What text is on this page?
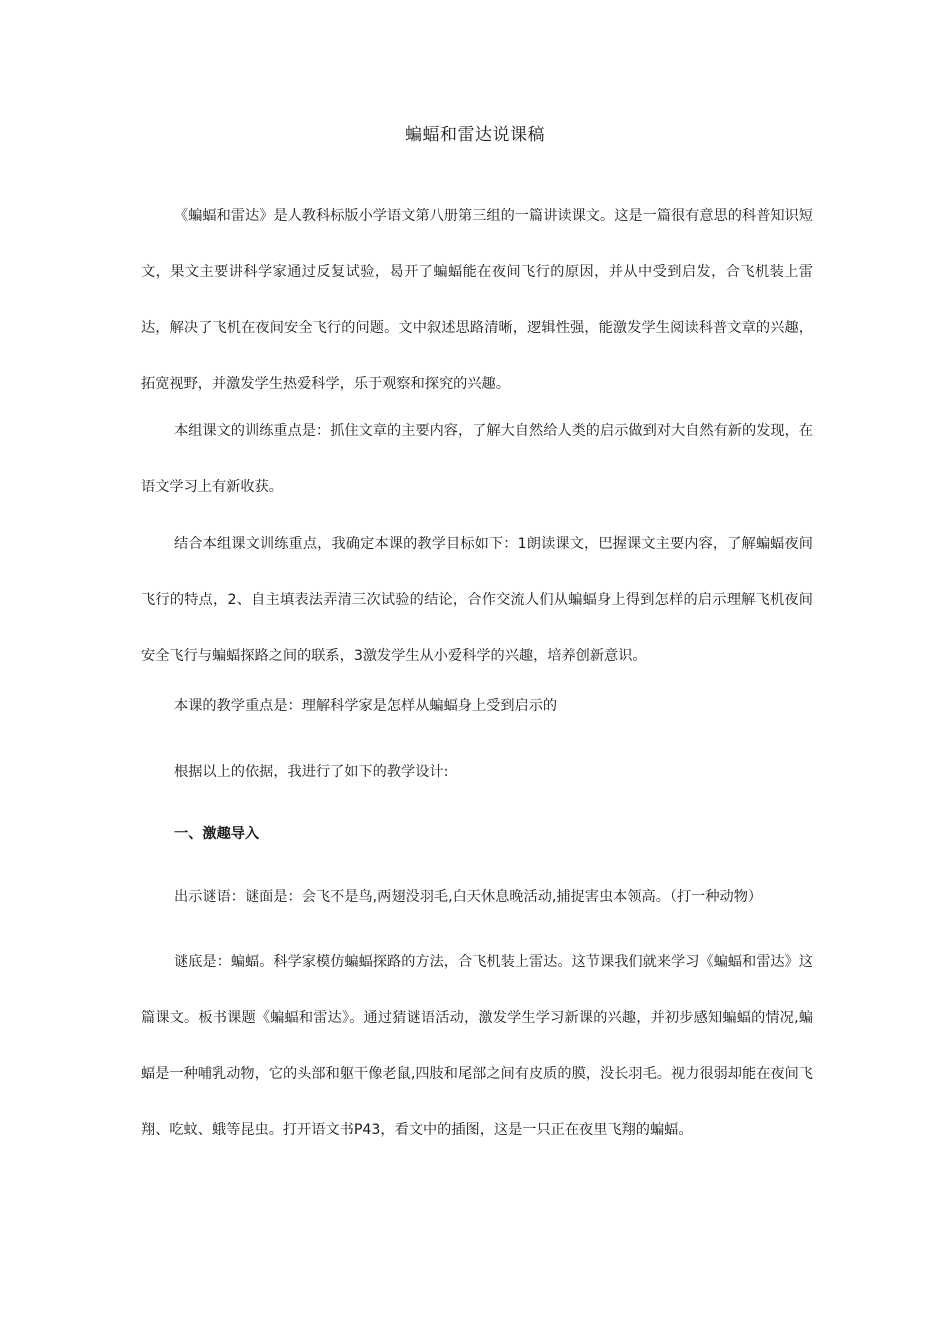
蝙蝠和雷达说课稿

《蝙蝠和雷达》是人教科标版小学语文第八册第三组的一篇讲读课文。这是一篇很有意思的科普知识短文，果文主要讲科学家通过反复试验，曷开了蝙蝠能在夜间飞行的原因，并从中受到启发，合飞机装上雷达，解决了飞机在夜间安全飞行的问题。文中叙述思路清晰，逻辑性强，能激发学生阅读科普文章的兴趣，拓宽视野，并激发学生热爱科学，乐于观察和探究的兴趣。

本组课文的训练重点是：抓住文章的主要内容，了解大自然给人类的启示做到对大自然有新的发现，在语文学习上有新收获。

结合本组课文训练重点，我确定本课的教学目标如下：1朗读课文，巴握课文主要内容，了解蝙蝠夜间飞行的特点，2、自主填表法弄清三次试验的结论，合作交流人们从蝙蝠身上得到怎样的启示理解飞机夜间安全飞行与蝙蝠探路之间的联系，3激发学生从小爱科学的兴趣，培养创新意识。

本课的教学重点是：理解科学家是怎样从蝙蝠身上受到启示的

根据以上的依据，我进行了如下的教学设计:

一、激趣导入

出示谜语：谜面是：会飞不是鸟,两翅没羽毛,白天休息晚活动,捕捉害虫本领高。（打一种动物）

谜底是：蝙蝠。科学家模仿蝙蝠探路的方法，合飞机装上雷达。这节课我们就来学习《蝙蝠和雷达》这篇课文。板书课题《蝙蝠和雷达》。通过猜谜语活动，激发学生学习新课的兴趣，并初步感知蝙蝠的情况,蝙蝠是一种哺乳动物，它的头部和躯干像老鼠,四肢和尾部之间有皮质的膜，没长羽毛。视力很弱却能在夜间飞翔、吃蚊、蛾等昆虫。打开语文书P43，看文中的插图，这是一只正在夜里飞翔的蝙蝠。
